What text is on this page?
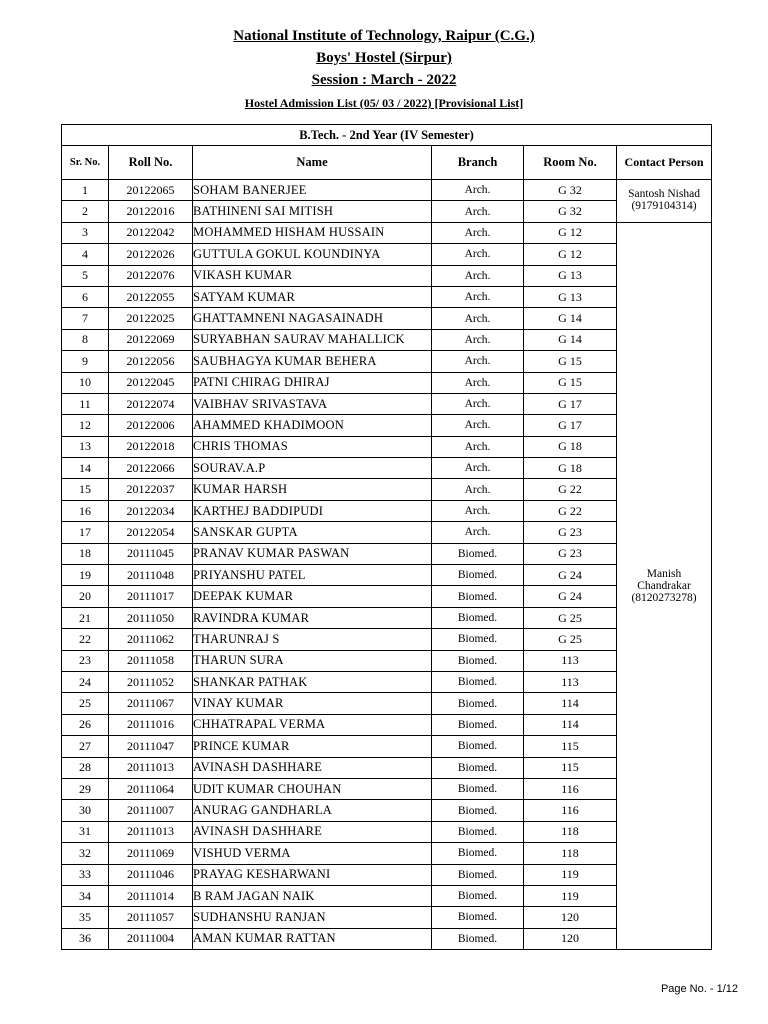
National Institute of Technology, Raipur (C.G.)
Boys' Hostel (Sirpur)
Session : March - 2022
Hostel Admission List (05/ 03 / 2022) [Provisional List]
B.Tech. - 2nd Year (IV Semester)					
Sr. No.	Roll No.	Name	Branch	Room No.	Contact Person
1	20122065	SOHAM BANERJEE	Arch.	G 32	Santosh Nishad
(9179104314)

2	20122016	BATHINENI SAI MITISH	Arch.	G 32	
3	20122042	MOHAMMED HISHAM HUSSAIN	Arch.	G 12	Manish
Chandrakar
(8120273278)

4	20122026	GUTTULA GOKUL KOUNDINYA	Arch.	G 12	
5	20122076	VIKASH KUMAR	Arch.	G 13	
6	20122055	SATYAM KUMAR	Arch.	G 13	
7	20122025	GHATTAMNENI NAGASAINADH	Arch.	G 14	
8	20122069	SURYABHAN SAURAV MAHALLICK	Arch.	G 14	
9	20122056	SAUBHAGYA KUMAR BEHERA	Arch.	G 15	
10	20122045	PATNI CHIRAG DHIRAJ	Arch.	G 15	
11	20122074	VAIBHAV SRIVASTAVA	Arch.	G 17	
12	20122006	AHAMMED KHADIMOON	Arch.	G 17	
13	20122018	CHRIS THOMAS	Arch.	G 18	
14	20122066	SOURAV.A.P	Arch.	G 18	
15	20122037	KUMAR HARSH	Arch.	G 22	
16	20122034	KARTHEJ BADDIPUDI	Arch.	G 22	
17	20122054	SANSKAR GUPTA	Arch.	G 23	
18	20111045	PRANAV KUMAR PASWAN	Biomed.	G 23	
19	20111048	PRIYANSHU PATEL	Biomed.	G 24	
20	20111017	DEEPAK KUMAR	Biomed.	G 24	
21	20111050	RAVINDRA KUMAR	Biomed.	G 25	
22	20111062	THARUNRAJ S	Biomed.	G 25	
23	20111058	THARUN SURA	Biomed.	113	
24	20111052	SHANKAR PATHAK	Biomed.	113	
25	20111067	VINAY KUMAR	Biomed.	114	
26	20111016	CHHATRAPAL VERMA	Biomed.	114	
27	20111047	PRINCE KUMAR	Biomed.	115	
28	20111013	AVINASH DASHHARE	Biomed.	115	
29	20111064	UDIT KUMAR CHOUHAN	Biomed.	116	
30	20111007	ANURAG GANDHARLA	Biomed.	116	
31	20111013	AVINASH DASHHARE	Biomed.	118	
32	20111069	VISHUD VERMA	Biomed.	118	
33	20111046	PRAYAG KESHARWANI	Biomed.	119	
34	20111014	B RAM JAGAN NAIK	Biomed.	119	
35	20111057	SUDHANSHU RANJAN	Biomed.	120	
36	20111004	AMAN KUMAR RATTAN	Biomed.	120	
Page No. - 1/12
